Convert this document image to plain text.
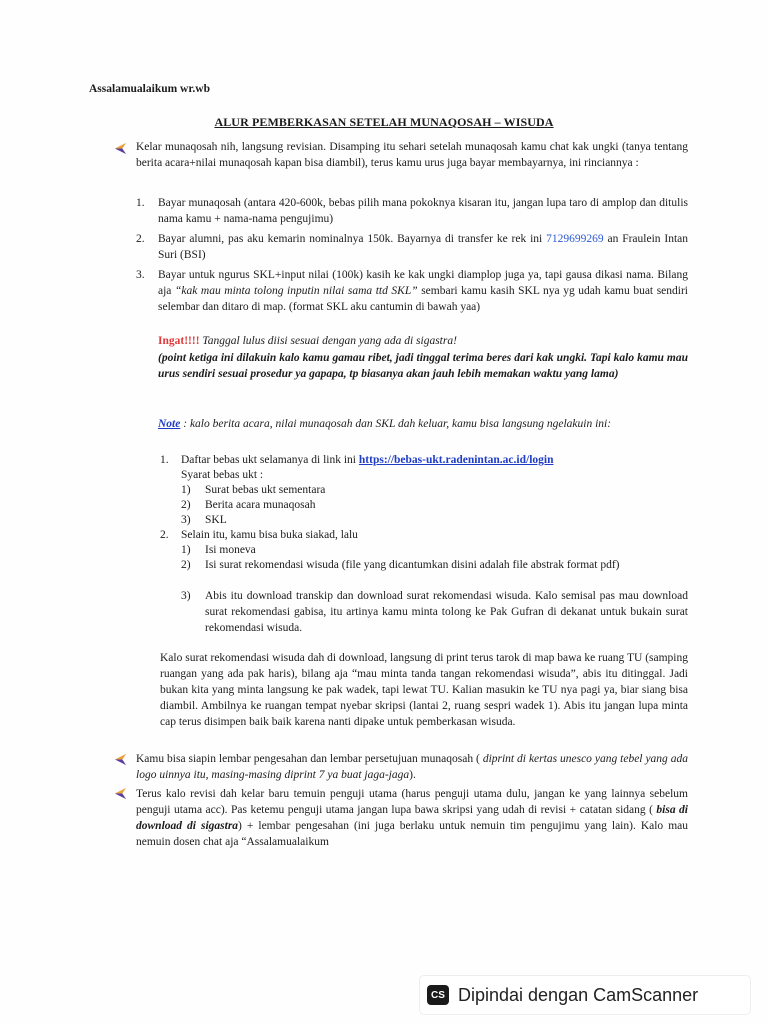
Assalamualaikum wr.wb
ALUR PEMBERKASAN SETELAH MUNAQOSAH – WISUDA

Kelar munaqosah nih, langsung revisian. Disamping itu sehari setelah munaqosah kamu chat kak ungki (tanya tentang berita acara+nilai munaqosah kapan bisa diambil), terus kamu urus juga bayar membayarnya, ini rinciannya :

1. Bayar munaqosah (antara 420-600k, bebas pilih mana pokoknya kisaran itu, jangan lupa taro di amplop dan ditulis nama kamu + nama-nama pengujimu)

2. Bayar alumni, pas aku kemarin nominalnya 150k. Bayarnya di transfer ke rek ini 7129699269 an Fraulein Intan Suri (BSI)

3. Bayar untuk ngurus SKL+input nilai (100k) kasih ke kak ungki diamplop juga ya, tapi gausa dikasi nama. Bilang aja “kak mau minta tolong inputin nilai sama ttd SKL” sembari kamu kasih SKL nya yg udah kamu buat sendiri selembar dan ditaro di map. (format SKL aku cantumin di bawah yaa)

Ingat!!!! Tanggal lulus diisi sesuai dengan yang ada di sigastra!

(point ketiga ini dilakuin kalo kamu gamau ribet, jadi tinggal terima beres dari kak ungki. Tapi kalo kamu mau urus sendiri sesuai prosedur ya gapapa, tp biasanya akan jauh lebih memakan waktu yang lama)

Note : kalo berita acara, nilai munaqosah dan SKL dah keluar, kamu bisa langsung ngelakuin ini:
1. Daftar bebas ukt selamanya di link ini https://bebas-ukt.radenintan.ac.id/login
Syarat bebas ukt :
1) Surat bebas ukt sementara
2) Berita acara munaqosah
3) SKL
2. Selain itu, kamu bisa buka siakad, lalu
1) Isi moneva
2) Isi surat rekomendasi wisuda (file yang dicantumkan disini adalah file abstrak format pdf)

3) Abis itu download transkip dan download surat rekomendasi wisuda. Kalo semisal pas mau download surat rekomendasi gabisa, itu artinya kamu minta tolong ke Pak Gufran di dekanat untuk bukain surat rekomendasi wisuda.

Kalo surat rekomendasi wisuda dah di download, langsung di print terus tarok di map bawa ke ruang TU (samping ruangan yang ada pak haris), bilang aja “mau minta tanda tangan rekomendasi wisuda”, abis itu ditinggal. Jadi bukan kita yang minta langsung ke pak wadek, tapi lewat TU. Kalian masukin ke TU nya pagi ya, biar siang bisa diambil. Ambilnya ke ruangan tempat nyebar skripsi (lantai 2, ruang sespri wadek 1). Abis itu jangan lupa minta cap terus disimpen baik baik karena nanti dipake untuk pemberkasan wisuda.

Kamu bisa siapin lembar pengesahan dan lembar persetujuan munaqosah ( diprint di kertas unesco yang tebel yang ada logo uinnya itu, masing-masing diprint 7 ya buat jaga-jaga).

Terus kalo revisi dah kelar baru temuin penguji utama (harus penguji utama dulu, jangan ke yang lainnya sebelum penguji utama acc). Pas ketemu penguji utama jangan lupa bawa skripsi yang udah di revisi + catatan sidang ( bisa di download di sigastra) + lembar pengesahan (ini juga berlaku untuk nemuin tim pengujimu yang lain). Kalo mau nemuin dosen chat aja “Assalamualaikum

CS Dipindai dengan CamScanner
